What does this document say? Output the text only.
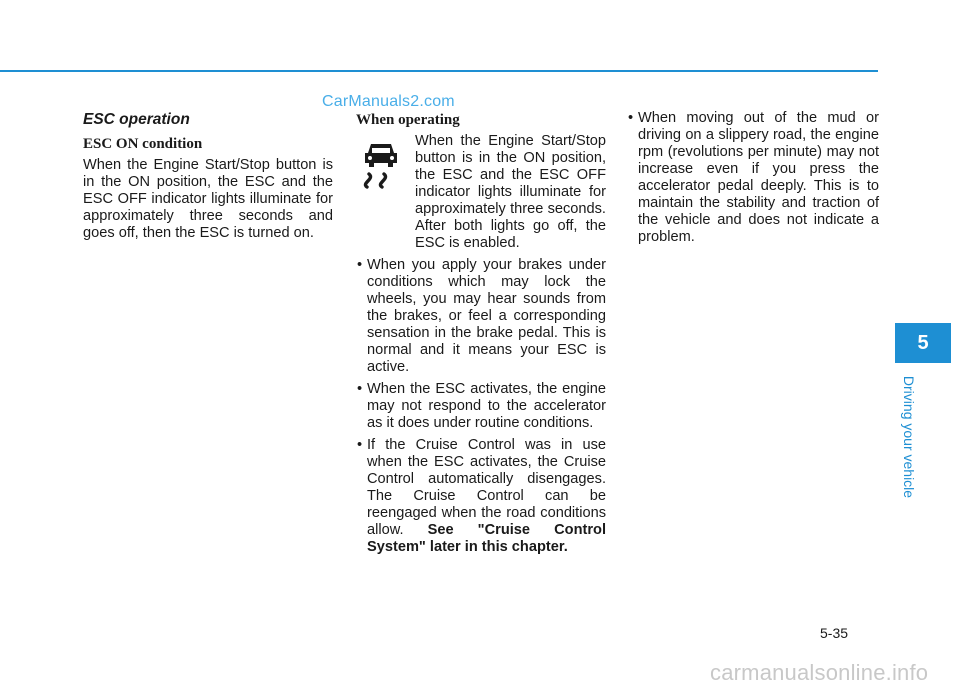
CarManuals2.com
ESC operation
ESC ON condition

When the Engine Start/Stop button is in the ON position, the ESC and the ESC OFF indicator lights illuminate for approximately three seconds and goes off, then the ESC is turned on.

When operating

When the Engine Start/Stop button is in the ON position, the ESC and the ESC OFF indicator lights illuminate for approximately three seconds. After both lights go off, the ESC is enabled.

• When you apply your brakes under conditions which may lock the wheels, you may hear sounds from the brakes, or feel a corresponding sensation in the brake pedal. This is normal and it means your ESC is active.
• When the ESC activates, the engine may not respond to the accelerator as it does under routine conditions.
• If the Cruise Control was in use when the ESC activates, the Cruise Control automatically disengages. The Cruise Control can be reengaged when the road conditions allow. See "Cruise Control System" later in this chapter.
• When moving out of the mud or driving on a slippery road, the engine rpm (revolutions per minute) may not increase even if you press the accelerator pedal deeply. This is to maintain the stability and traction of the vehicle and does not indicate a problem.
5
Driving your vehicle
5-35
carmanualsonline.info
